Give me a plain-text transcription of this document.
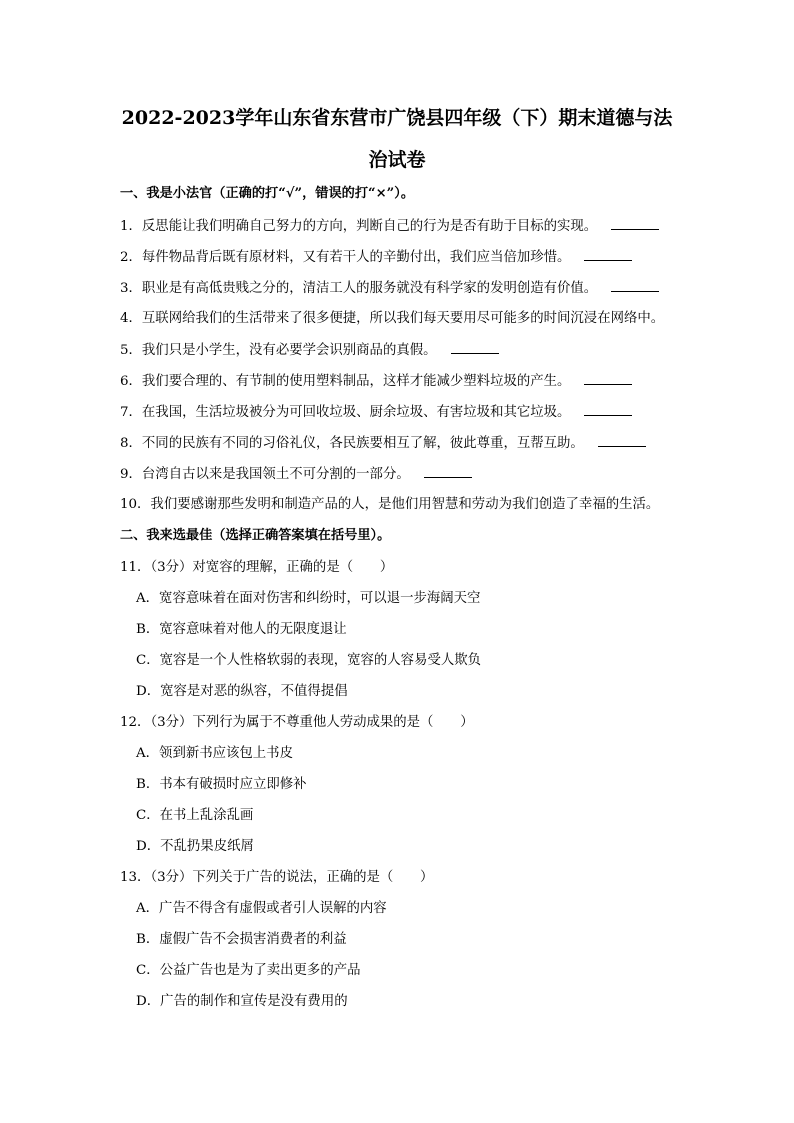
2022-2023学年山东省东营市广饶县四年级（下）期末道德与法
治试卷
一、我是小法官（正确的打“√”，错误的打“×”）。
1．反思能让我们明确自己努力的方向，判断自己的行为是否有助于目标的实现。
2．每件物品背后既有原材料，又有若干人的辛勤付出，我们应当倍加珍惜。
3．职业是有高低贵贱之分的，清洁工人的服务就没有科学家的发明创造有价值。
4．互联网给我们的生活带来了很多便捷，所以我们每天要用尽可能多的时间沉浸在网络中。
5．我们只是小学生，没有必要学会识别商品的真假。
6．我们要合理的、有节制的使用塑料制品，这样才能减少塑料垃圾的产生。
7．在我国，生活垃圾被分为可回收垃圾、厨余垃圾、有害垃圾和其它垃圾。
8．不同的民族有不同的习俗礼仪，各民族要相互了解，彼此尊重，互帮互助。
9．台湾自古以来是我国领土不可分割的一部分。
10．我们要感谢那些发明和制造产品的人，是他们用智慧和劳动为我们创造了幸福的生活。
二、我来选最佳（选择正确答案填在括号里）。
11．（3分）对宽容的理解，正确的是（　　）
A．宽容意味着在面对伤害和纠纷时，可以退一步海阔天空
B．宽容意味着对他人的无限度退让
C．宽容是一个人性格软弱的表现，宽容的人容易受人欺负
D．宽容是对恶的纵容，不值得提倡
12．（3分）下列行为属于不尊重他人劳动成果的是（　　）
A．领到新书应该包上书皮
B．书本有破损时应立即修补
C．在书上乱涂乱画
D．不乱扔果皮纸屑
13．（3分）下列关于广告的说法，正确的是（　　）
A．广告不得含有虚假或者引人误解的内容
B．虚假广告不会损害消费者的利益
C．公益广告也是为了卖出更多的产品
D．广告的制作和宣传是没有费用的
